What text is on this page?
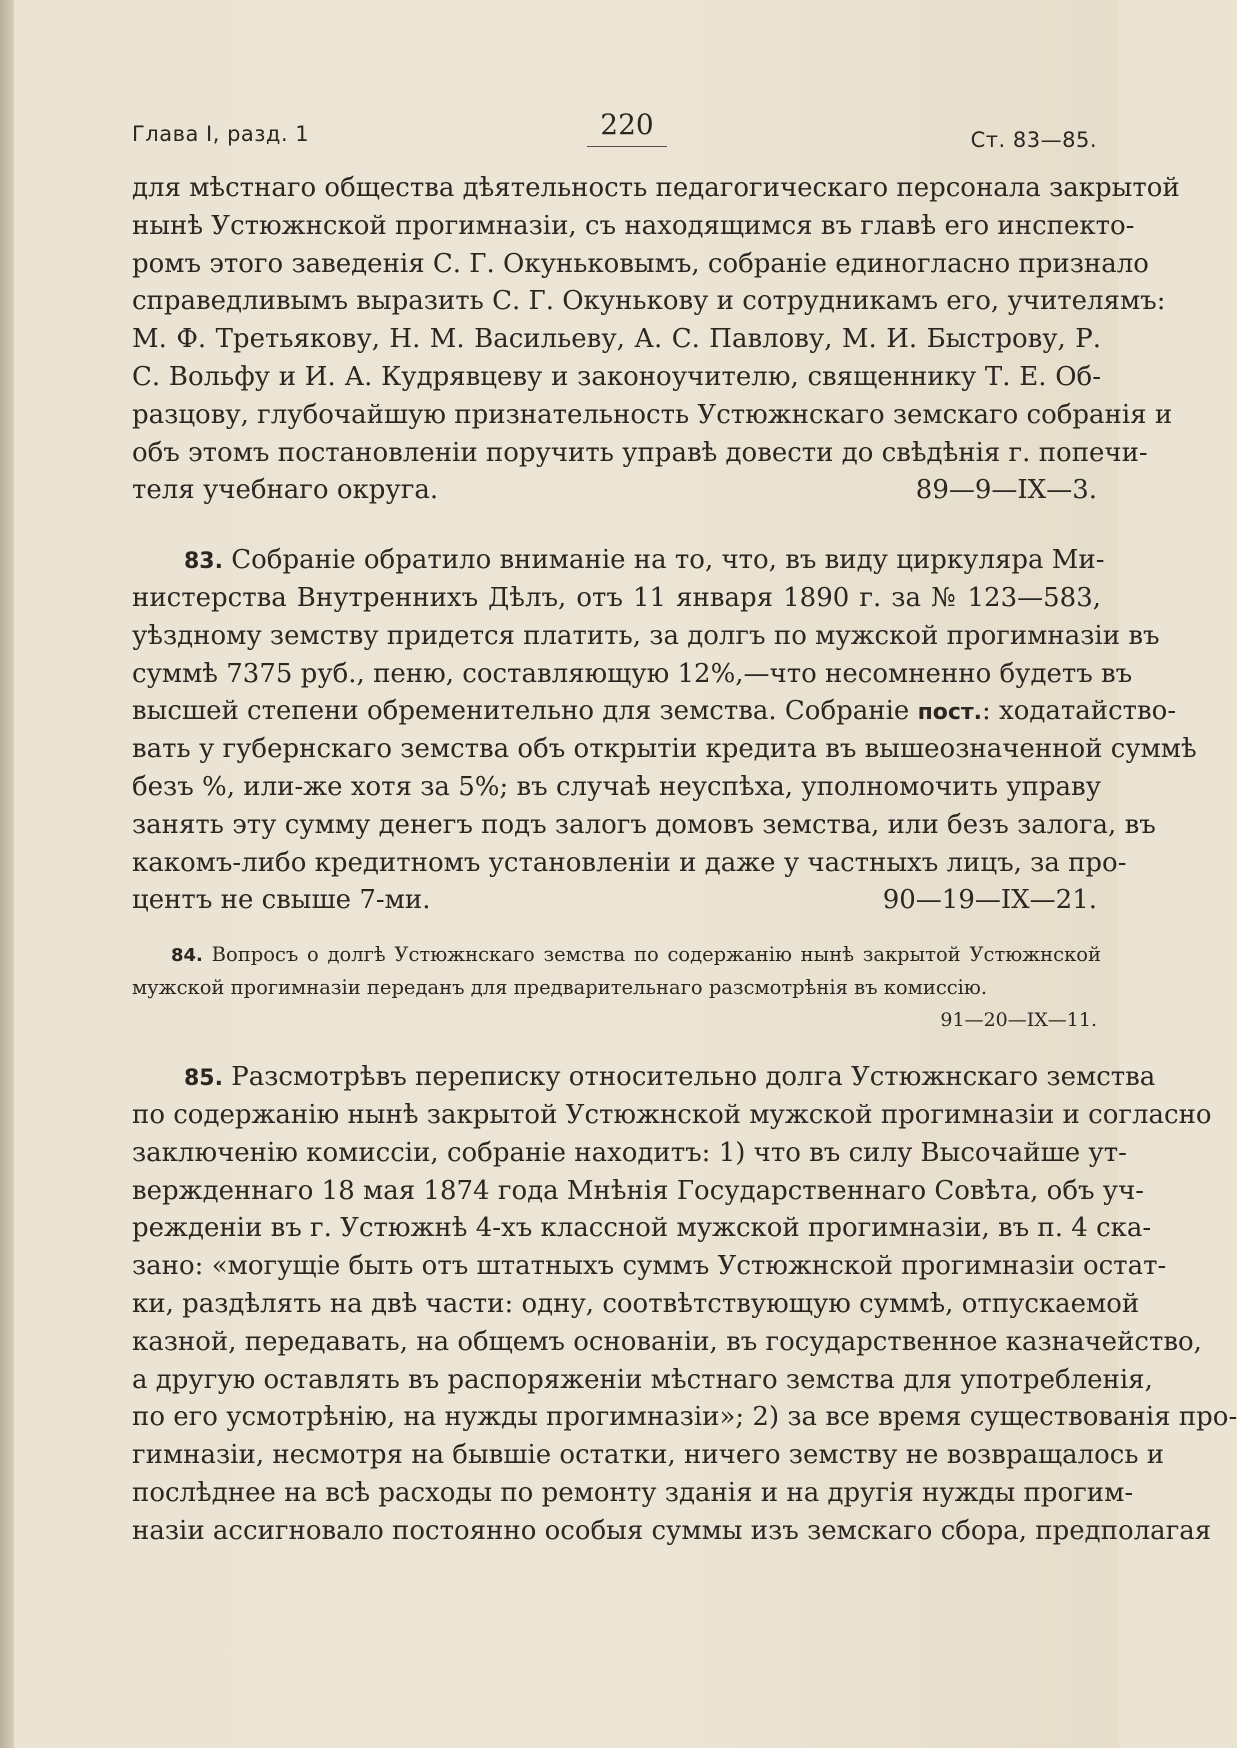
Глава I, разд. 1	220	Ст. 83—85.
для мѣстнаго общества дѣятельность педагогическаго персонала закрытой
нынѣ Устюжнской прогимназіи, съ находящимся въ главѣ его инспекто-
ромъ этого заведенія С. Г. Окуньковымъ, собраніе единогласно признало
справедливымъ выразить С. Г. Окунькову и сотрудникамъ его, учителямъ:
М. Ф. Третьякову, Н. М. Васильеву, А. С. Павлову, М. И. Быстрову, Р.
С. Вольфу и И. А. Кудрявцеву и законоучителю, священнику Т. Е. Об-
разцову, глубочайшую признательность Устюжнскаго земскаго собранія и
объ этомъ постановленіи поручить управѣ довести до свѣдѣнія г. попечи-
теля учебнаго округа.	89—9—IX—3.
  83. Собраніе обратило вниманіе на то, что, въ виду циркуляра Ми-
нистерства Внутреннихъ Дѣлъ, отъ 11 января 1890 г. за № 123—583,
уѣздному земству придется платить, за долгъ по мужской прогимназіи въ
суммѣ 7375 руб., пеню, составляющую 12%,—что несомненно будетъ въ
высшей степени обременительно для земства. Собраніе пост.: ходатайство-
вать у губернскаго земства объ открытіи кредита въ вышеозначенной суммѣ
безъ %, или-же хотя за 5%; въ случаѣ неуспѣха, уполномочить управу
занять эту сумму денегъ подъ залогъ домовъ земства, или безъ залога, въ
какомъ-либо кредитномъ установленіи и даже у частныхъ лицъ, за про-
центъ не свыше 7-ми.	90—19—IX—21.
  84. Вопросъ о долгѣ Устюжнскаго земства по содержанію нынѣ закрытой Устюжнской
мужской прогимназіи переданъ для предварительнаго разсмотрѣнія въ комиссію.
91—20—IX—11.
  85. Разсмотрѣвъ переписку относительно долга Устюжнскаго земства
по содержанію нынѣ закрытой Устюжнской мужской прогимназіи и согласно
заключенію комиссіи, собраніе находитъ: 1) что въ силу Высочайше ут-
вержденнаго 18 мая 1874 года Мнѣнія Государственнаго Совѣта, объ уч-
режденіи въ г. Устюжнѣ 4-хъ классной мужской прогимназіи, въ п. 4 ска-
зано: «могущіе быть отъ штатныхъ суммъ Устюжнской прогимназіи остат-
ки, раздѣлять на двѣ части: одну, соотвѣтствующую суммѣ, отпускаемой
казной, передавать, на общемъ основаніи, въ государственное казначейство,
а другую оставлять въ распоряженіи мѣстнаго земства для употребленія,
по его усмотрѣнію, на нужды прогимназіи»; 2) за все время существованія про-
гимназіи, несмотря на бывшіе остатки, ничего земству не возвращалось и
послѣднее на всѣ расходы по ремонту зданія и на другія нужды прогим-
назіи ассигновало постоянно особыя суммы изъ земскаго сбора, предполагая
